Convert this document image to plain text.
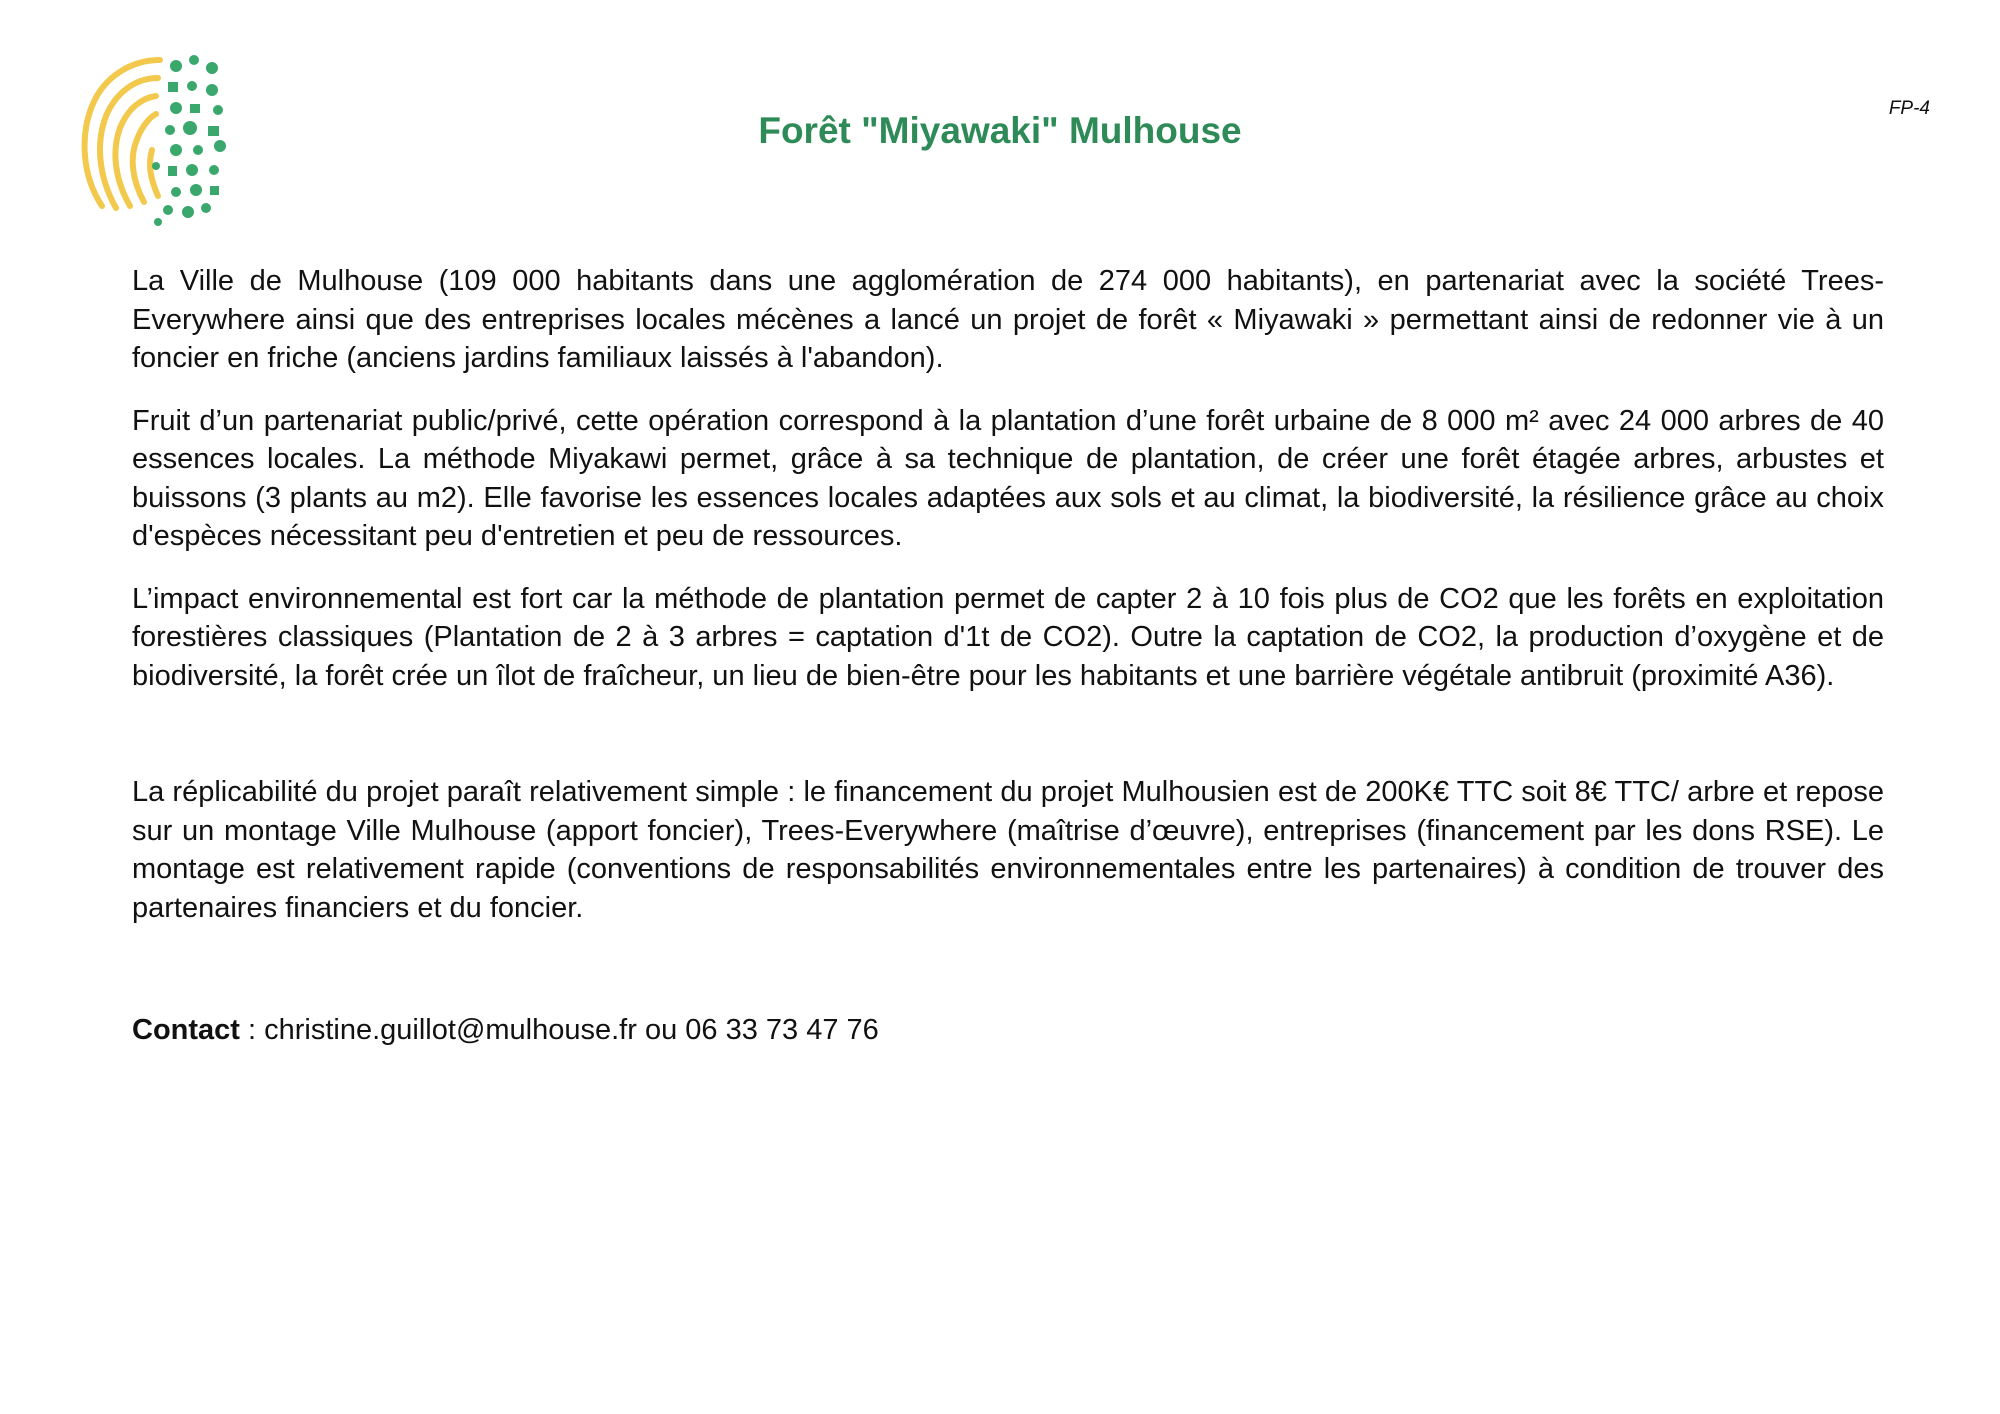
FP-4
Forêt "Miyawaki" Mulhouse

La Ville de Mulhouse (109 000 habitants dans une agglomération de 274 000 habitants), en partenariat avec la société Trees-Everywhere ainsi que des entreprises locales mécènes a lancé un projet de forêt « Miyawaki » permettant ainsi de redonner vie à un foncier en friche (anciens jardins familiaux laissés à l'abandon).

Fruit d’un partenariat public/privé, cette opération correspond à la plantation d’une forêt urbaine de 8 000 m² avec 24 000 arbres de 40 essences locales. La méthode Miyakawi permet, grâce à sa technique de plantation, de créer une forêt étagée arbres, arbustes et buissons (3 plants au m2). Elle favorise les essences locales adaptées aux sols et au climat, la biodiversité, la résilience grâce au choix d'espèces nécessitant peu d'entretien et peu de ressources.

L’impact environnemental est fort car la méthode de plantation permet de capter 2 à 10 fois plus de CO2 que les forêts en exploitation forestières classiques (Plantation de 2 à 3 arbres = captation d'1t de CO2). Outre la captation de CO2, la production d’oxygène et de biodiversité, la forêt crée un îlot de fraîcheur, un lieu de bien-être pour les habitants et une barrière végétale antibruit (proximité A36).

La réplicabilité du projet paraît relativement simple : le financement du projet Mulhousien est de 200K€ TTC soit 8€ TTC/ arbre et repose sur un montage Ville Mulhouse (apport foncier), Trees-Everywhere (maîtrise d’œuvre), entreprises (financement par les dons RSE). Le montage est relativement rapide (conventions de responsabilités environnementales entre les partenaires) à condition de trouver des partenaires financiers et du foncier.

Contact : christine.guillot@mulhouse.fr ou 06 33 73 47 76
